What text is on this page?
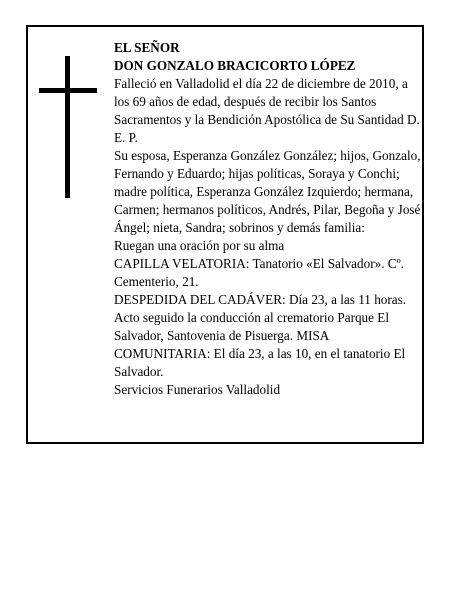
EL SEÑOR

DON GONZALO BRACICORTO LÓPEZ

Falleció en Valladolid el día 22 de diciembre de 2010, a los 69 años de edad, después de recibir los Santos Sacramentos y la Bendición Apostólica de Su Santidad D. E. P.

Su esposa, Esperanza González González; hijos, Gonzalo, Fernando y Eduardo; hijas políticas, Soraya y Conchi; madre política, Esperanza González Izquierdo; hermana, Carmen; hermanos políticos, Andrés, Pilar, Begoña y José Ángel; nieta, Sandra; sobrinos y demás familia:

Ruegan una oración por su alma

CAPILLA VELATORIA: Tanatorio «El Salvador». Cº. Cementerio, 21.

DESPEDIDA DEL CADÁVER: Día 23, a las 11 horas. Acto seguido la conducción al crematorio Parque El Salvador, Santovenia de Pisuerga. MISA COMUNITARIA: El día 23, a las 10, en el tanatorio El Salvador.

Servicios Funerarios Valladolid
